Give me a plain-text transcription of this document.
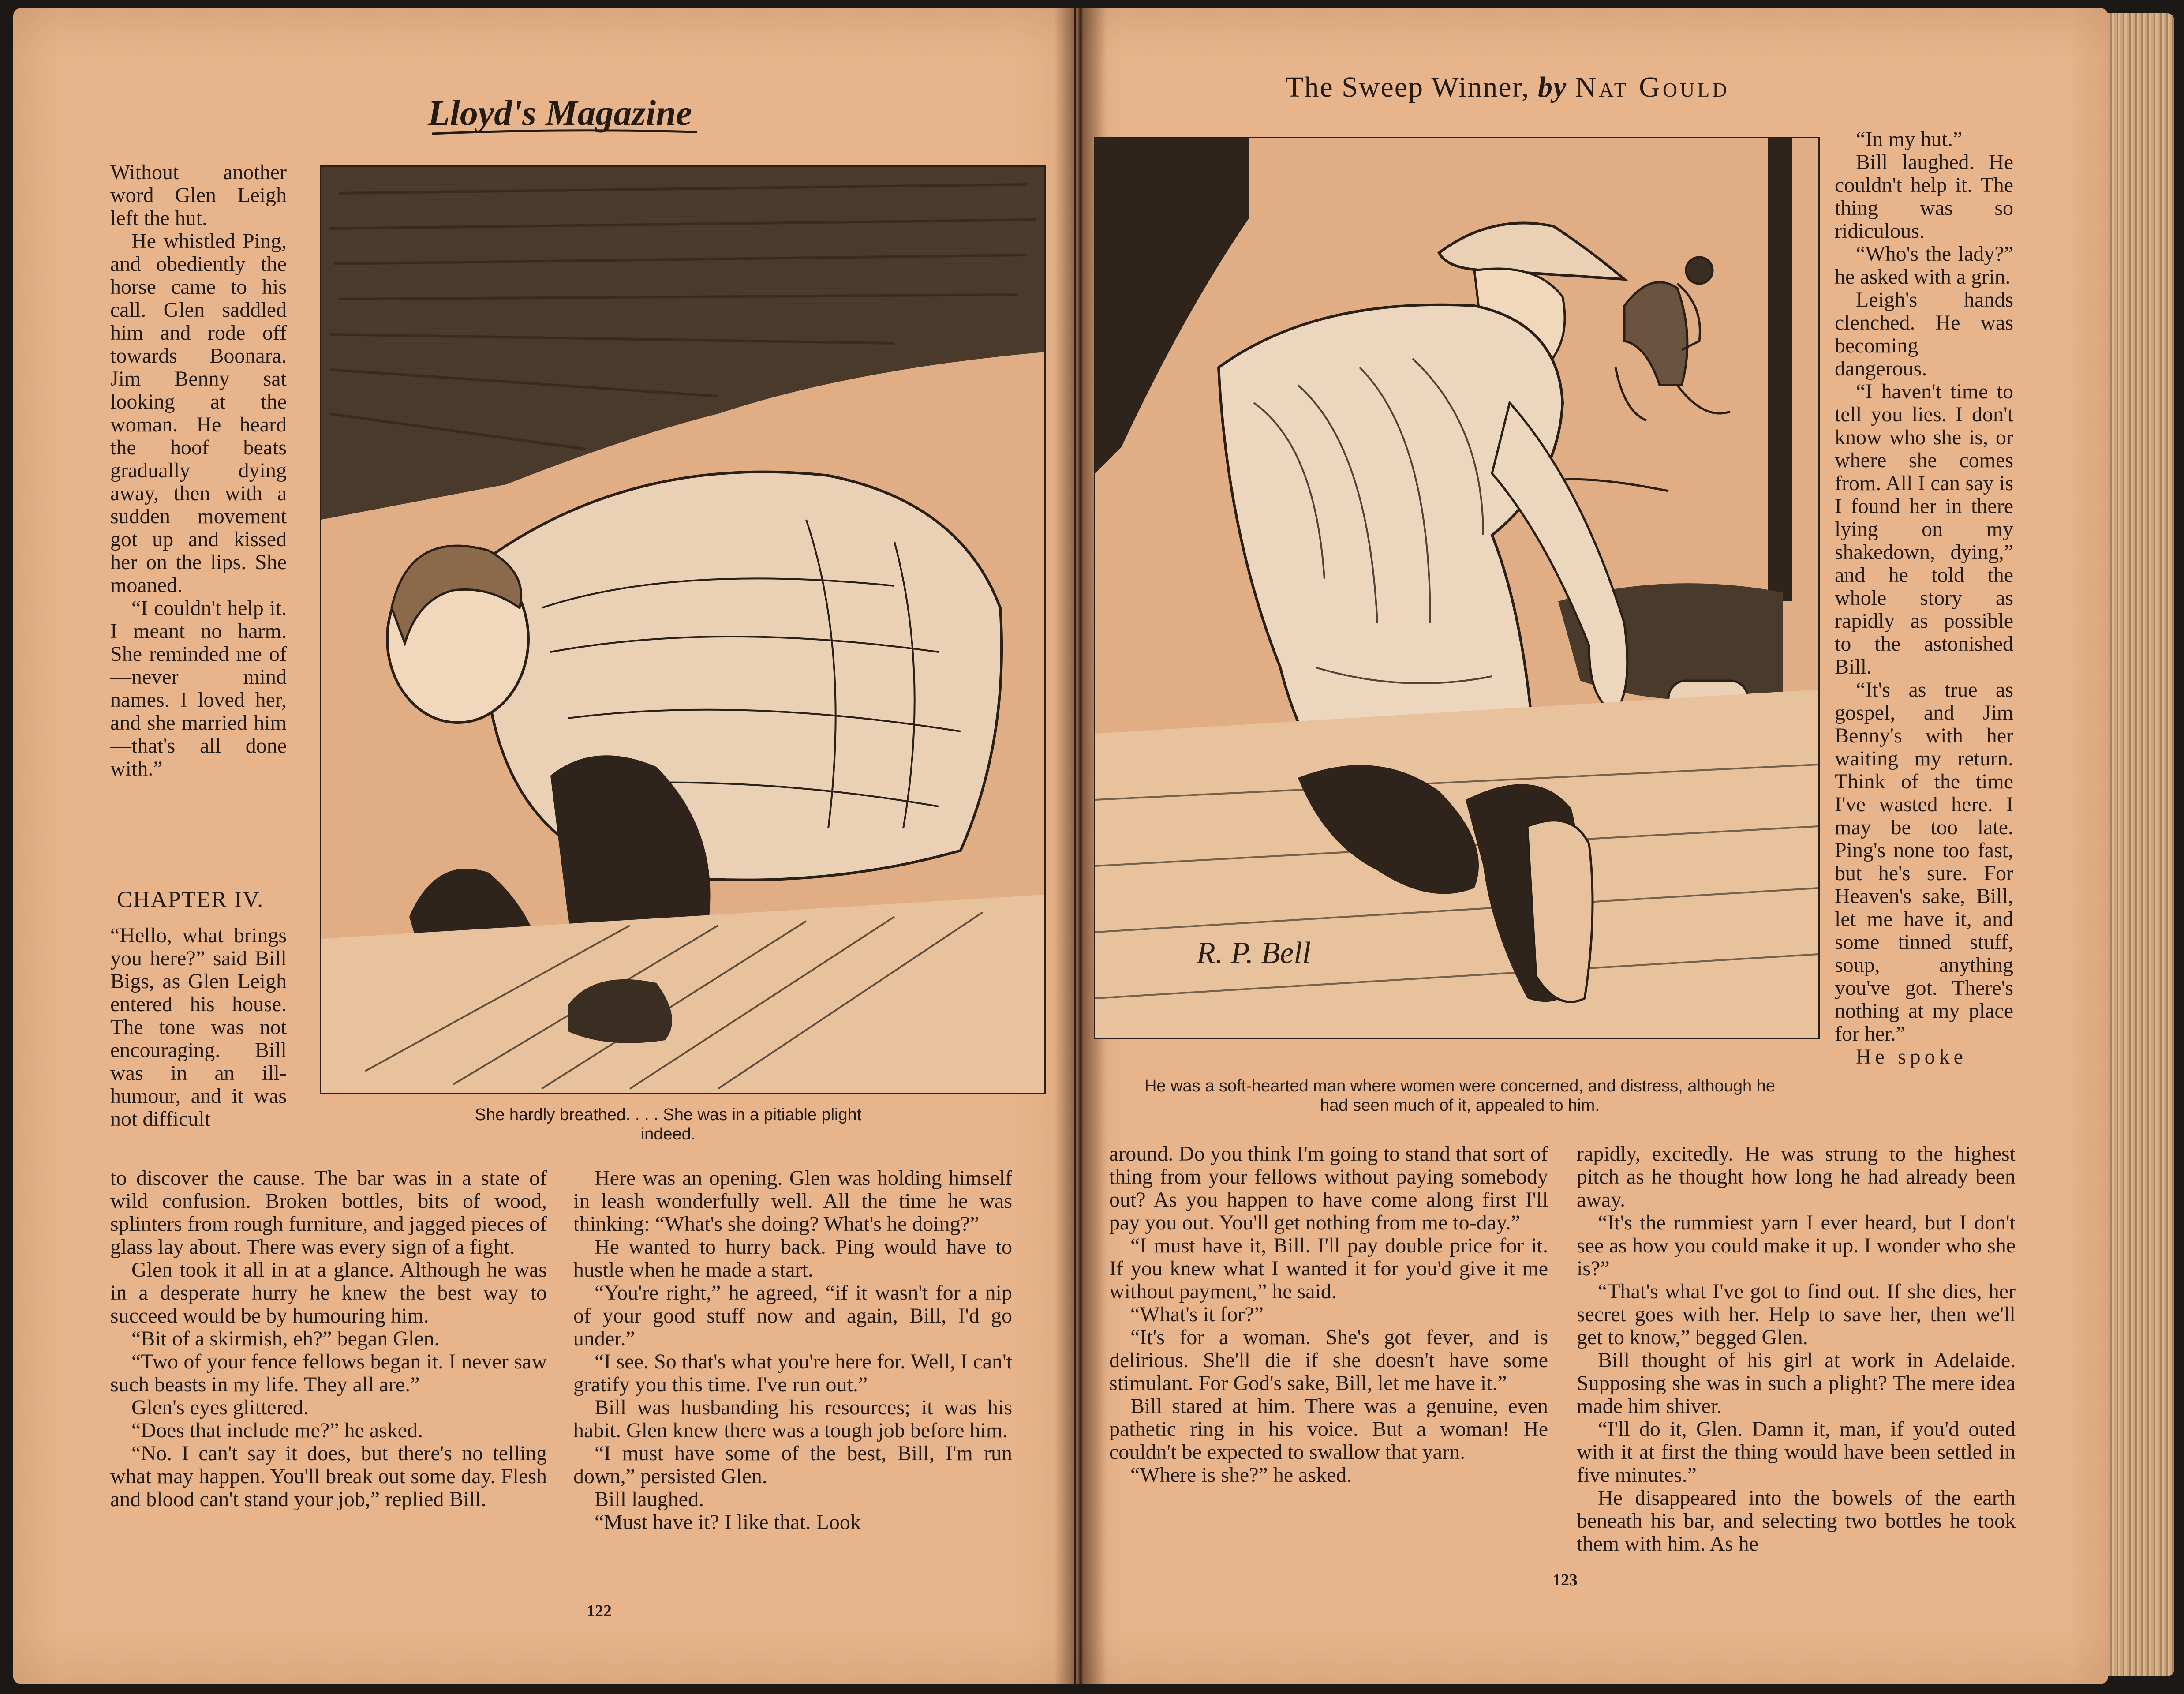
Lloyd's Magazine

Without another word Glen Leigh left the hut.

He whistled Ping, and obediently the horse came to his call. Glen saddled him and rode off towards Boonara. Jim Benny sat looking at the woman. He heard the hoof beats gradually dying away, then with a sudden movement got up and kissed her on the lips. She moaned.

“I couldn't help it. I meant no harm. She reminded me of —never mind names. I loved her, and she married him—that's all done with.”

CHAPTER IV.

“Hello, what brings you here?” said Bill Bigs, as Glen Leigh entered his house. The tone was not encouraging. Bill was in an ill-humour, and it was not difficult	She hardly breathed. . . . She was in a pitiable plight indeed.

to discover the cause. The bar was in a state of wild confusion. Broken bottles, bits of wood, splinters from rough furniture, and jagged pieces of glass lay about. There was every sign of a fight.

Glen took it all in at a glance. Although he was in a desperate hurry he knew the best way to succeed would be by humouring him.

“Bit of a skirmish, eh?” began Glen.

“Two of your fence fellows began it. I never saw such beasts in my life. They all are.”

Glen's eyes glittered.

“Does that include me?” he asked.

“No. I can't say it does, but there's no telling what may happen. You'll break out some day. Flesh and blood can't stand your job,” replied Bill.

Here was an opening. Glen was holding himself in leash wonderfully well. All the time he was thinking: “What's she doing? What's he doing?”

He wanted to hurry back. Ping would have to hustle when he made a start.

“You're right,” he agreed, “if it wasn't for a nip of your good stuff now and again, Bill, I'd go under.”

“I see. So that's what you're here for. Well, I can't gratify you this time. I've run out.”

Bill was husbanding his resources; it was his habit. Glen knew there was a tough job before him.

“I must have some of the best, Bill, I'm run down,” persisted Glen.

Bill laughed.

“Must have it? I like that. Look

122
The Sweep Winner, by Nat Gould
R. P. Bell
He was a soft-hearted man where women were concerned, and distress, although he had seen much of it, appealed to him.

“In my hut.”

Bill laughed. He couldn't help it. The thing was so ridiculous.

“Who's the lady?” he asked with a grin.

Leigh's hands clenched. He was becoming dangerous.

“I haven't time to tell you lies. I don't know who she is, or where she comes from. All I can say is I found her in there lying on my shakedown, dying,” and he told the whole story as rapidly as possible to the astonished Bill.

“It's as true as gospel, and Jim Benny's with her waiting my return. Think of the time I've wasted here. I may be too late. Ping's none too fast, but he's sure. For Heaven's sake, Bill, let me have it, and some tinned stuff, soup, anything you've got. There's nothing at my place for her.”

He spoke

around. Do you think I'm going to stand that sort of thing from your fellows without paying somebody out? As you happen to have come along first I'll pay you out. You'll get nothing from me to-day.”

“I must have it, Bill. I'll pay double price for it. If you knew what I wanted it for you'd give it me without payment,” he said.

“What's it for?”

“It's for a woman. She's got fever, and is delirious. She'll die if she doesn't have some stimulant. For God's sake, Bill, let me have it.”

Bill stared at him. There was a genuine, even pathetic ring in his voice. But a woman! He couldn't be expected to swallow that yarn.

“Where is she?” he asked.

rapidly, excitedly. He was strung to the highest pitch as he thought how long he had already been away.

“It's the rummiest yarn I ever heard, but I don't see as how you could make it up. I wonder who she is?”

“That's what I've got to find out. If she dies, her secret goes with her. Help to save her, then we'll get to know,” begged Glen.

Bill thought of his girl at work in Adelaide. Supposing she was in such a plight? The mere idea made him shiver.

“I'll do it, Glen. Damn it, man, if you'd outed with it at first the thing would have been settled in five minutes.”

He disappeared into the bowels of the earth beneath his bar, and selecting two bottles he took them with him. As he

123
